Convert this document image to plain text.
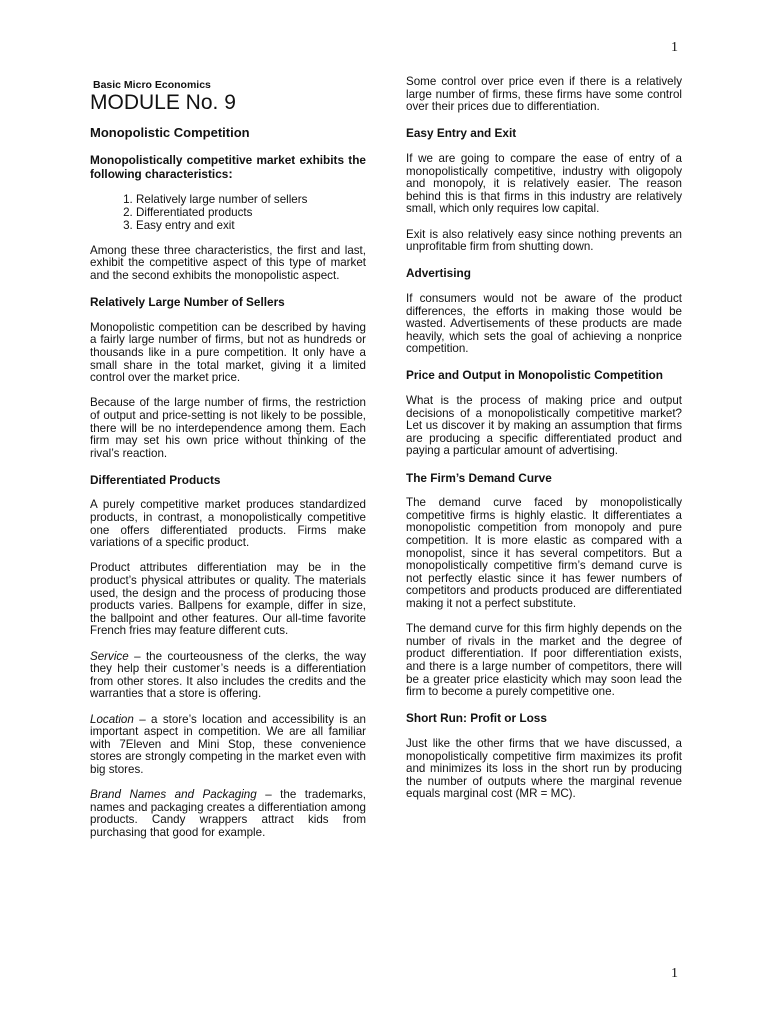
1
Basic Micro Economics
MODULE No. 9
Monopolistic Competition
Monopolistically competitive market exhibits the following characteristics:
1. Relatively large number of sellers
2. Differentiated products
3. Easy entry and exit

Among these three characteristics, the first and last, exhibit the competitive aspect of this type of market and the second exhibits the monopolistic aspect.

Relatively Large Number of Sellers

Monopolistic competition can be described by having a fairly large number of firms, but not as hundreds or thousands like in a pure competition. It only have a small share in the total market, giving it a limited control over the market price.

Because of the large number of firms, the restriction of output and price-setting is not likely to be possible, there will be no interdependence among them. Each firm may set his own price without thinking of the rival’s reaction.

Differentiated Products

A purely competitive market produces standardized products, in contrast, a monopolistically competitive one offers differentiated products. Firms make variations of a specific product.

Product attributes differentiation may be in the product’s physical attributes or quality. The materials used, the design and the process of producing those products varies. Ballpens for example, differ in size, the ballpoint and other features. Our all-time favorite French fries may feature different cuts.

Service – the courteousness of the clerks, the way they help their customer’s needs is a differentiation from other stores. It also includes the credits and the warranties that a store is offering.

Location – a store’s location and accessibility is an important aspect in competition. We are all familiar with 7Eleven and Mini Stop, these convenience stores are strongly competing in the market even with big stores.

Brand Names and Packaging – the trademarks, names and packaging creates a differentiation among products. Candy wrappers attract kids from purchasing that good for example.

Some control over price even if there is a relatively large number of firms, these firms have some control over their prices due to differentiation.

Easy Entry and Exit

If we are going to compare the ease of entry of a monopolistically competitive, industry with oligopoly and monopoly, it is relatively easier. The reason behind this is that firms in this industry are relatively small, which only requires low capital.

Exit is also relatively easy since nothing prevents an unprofitable firm from shutting down.

Advertising

If consumers would not be aware of the product differences, the efforts in making those would be wasted. Advertisements of these products are made heavily, which sets the goal of achieving a nonprice competition.

Price and Output in Monopolistic Competition

What is the process of making price and output decisions of a monopolistically competitive market? Let us discover it by making an assumption that firms are producing a specific differentiated product and paying a particular amount of advertising.

The Firm’s Demand Curve

The demand curve faced by monopolistically competitive firms is highly elastic. It differentiates a monopolistic competition from monopoly and pure competition. It is more elastic as compared with a monopolist, since it has several competitors. But a monopolistically competitive firm’s demand curve is not perfectly elastic since it has fewer numbers of competitors and products produced are differentiated making it not a perfect substitute.

The demand curve for this firm highly depends on the number of rivals in the market and the degree of product differentiation. If poor differentiation exists, and there is a large number of competitors, there will be a greater price elasticity which may soon lead the firm to become a purely competitive one.

Short Run: Profit or Loss

Just like the other firms that we have discussed, a monopolistically competitive firm maximizes its profit and minimizes its loss in the short run by producing the number of outputs where the marginal revenue equals marginal cost (MR = MC).

1
